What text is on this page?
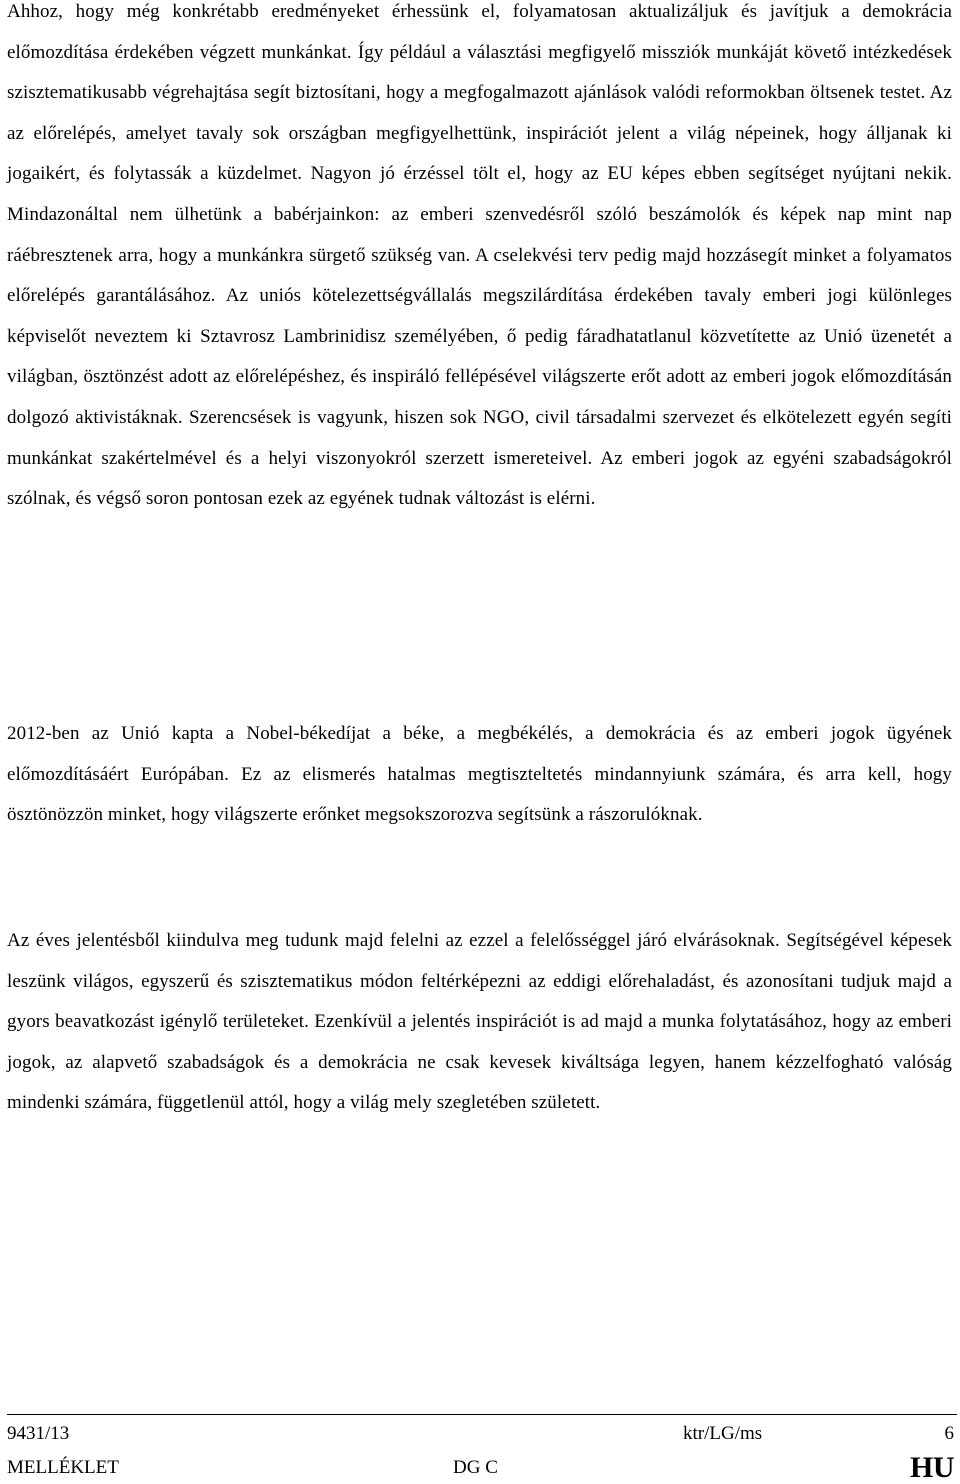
Ahhoz, hogy még konkrétabb eredményeket érhessünk el, folyamatosan aktualizáljuk és javítjuk a demokrácia előmozdítása érdekében végzett munkánkat. Így például a választási megfigyelő missziók munkáját követő intézkedések szisztematikusabb végrehajtása segít biztosítani, hogy a megfogalmazott ajánlások valódi reformokban öltsenek testet. Az az előrelépés, amelyet tavaly sok országban megfigyelhettünk, inspirációt jelent a világ népeinek, hogy álljanak ki jogaikért, és folytassák a küzdelmet. Nagyon jó érzéssel tölt el, hogy az EU képes ebben segítséget nyújtani nekik. Mindazonáltal nem ülhetünk a babérjainkon: az emberi szenvedésről szóló beszámolók és képek nap mint nap ráébresztenek arra, hogy a munkánkra sürgető szükség van. A cselekvési terv pedig majd hozzásegít minket a folyamatos előrelépés garantálásához. Az uniós kötelezettségvállalás megszilárdítása érdekében tavaly emberi jogi különleges képviselőt neveztem ki Sztavrosz Lambrinidisz személyében, ő pedig fáradhatatlanul közvetítette az Unió üzenetét a világban, ösztönzést adott az előrelépéshez, és inspiráló fellépésével világszerte erőt adott az emberi jogok előmozdításán dolgozó aktivistáknak. Szerencsések is vagyunk, hiszen sok NGO, civil társadalmi szervezet és elkötelezett egyén segíti munkánkat szakértelmével és a helyi viszonyokról szerzett ismereteivel. Az emberi jogok az egyéni szabadságokról szólnak, és végső soron pontosan ezek az egyének tudnak változást is elérni.

2012-ben az Unió kapta a Nobel-békedíjat a béke, a megbékélés, a demokrácia és az emberi jogok ügyének előmozdításáért Európában. Ez az elismerés hatalmas megtiszteltetés mindannyiunk számára, és arra kell, hogy ösztönözzön minket, hogy világszerte erőnket megsokszorozva segítsünk a rászorulóknak.

Az éves jelentésből kiindulva meg tudunk majd felelni az ezzel a felelősséggel járó elvárásoknak. Segítségével képesek leszünk világos, egyszerű és szisztematikus módon feltérképezni az eddigi előrehaladást, és azonosítani tudjuk majd a gyors beavatkozást igénylő területeket. Ezenkívül a jelentés inspirációt is ad majd a munka folytatásához, hogy az emberi jogok, az alapvető szabadságok és a demokrácia ne csak kevesek kiváltsága legyen, hanem kézzelfogható valóság mindenki számára, függetlenül attól, hogy a világ mely szegletében született.

9431/13	ktr/LG/ms	6
MELLÉKLET	DG C	HU
